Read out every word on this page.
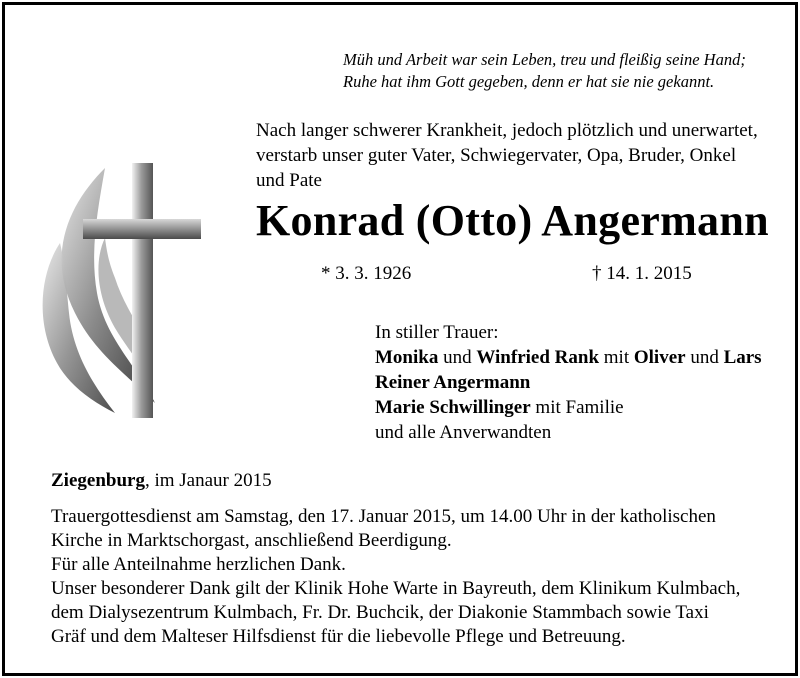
Müh und Arbeit war sein Leben, treu und fleißig seine Hand;
Ruhe hat ihm Gott gegeben, denn er hat sie nie gekannt.
Nach langer schwerer Krankheit, jedoch plötzlich und unerwartet,
verstarb unser guter Vater, Schwiegervater, Opa, Bruder, Onkel
und Pate
Konrad (Otto) Angermann
* 3. 3. 1926	† 14. 1. 2015
In stiller Trauer:
Monika und Winfried Rank mit Oliver und Lars
Reiner Angermann
Marie Schwillinger mit Familie
und alle Anverwandten
Ziegenburg, im Janaur 2015
Trauergottesdienst am Samstag, den 17. Januar 2015, um 14.00 Uhr in der katholischen
Kirche in Marktschorgast, anschließend Beerdigung.
Für alle Anteilnahme herzlichen Dank.
Unser besonderer Dank gilt der Klinik Hohe Warte in Bayreuth, dem Klinikum Kulmbach,
dem Dialysezentrum Kulmbach, Fr. Dr. Buchcik, der Diakonie Stammbach sowie Taxi
Gräf und dem Malteser Hilfsdienst für die liebevolle Pflege und Betreuung.
